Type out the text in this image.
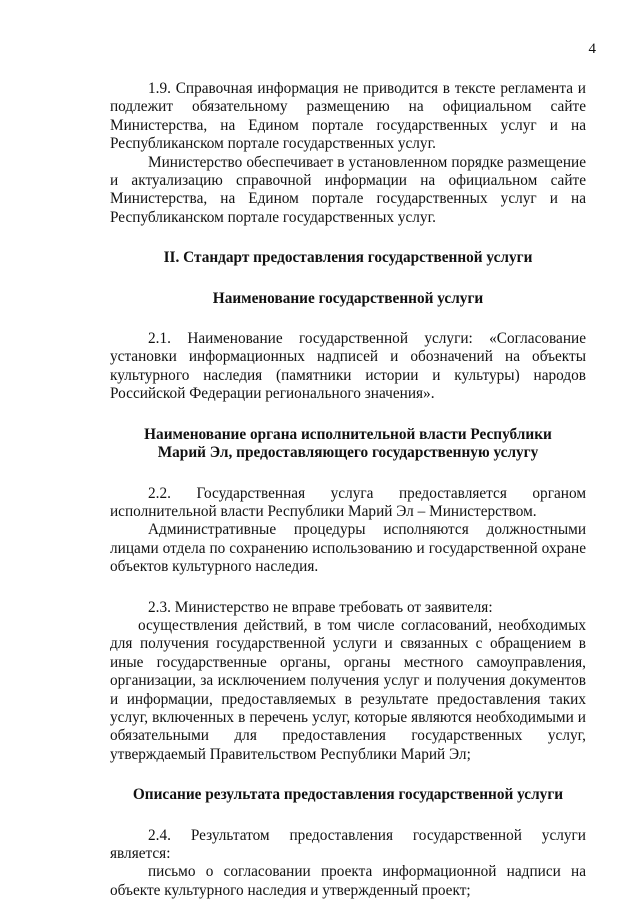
4

1.9. Справочная информация не приводится в тексте регламента и подлежит обязательному размещению на официальном сайте Министерства, на Едином портале государственных услуг и на Республиканском портале государственных услуг.

Министерство обеспечивает в установленном порядке размещение и актуализацию справочной информации на официальном сайте Министерства, на Едином портале государственных услуг и на Республиканском портале государственных услуг.

II. Стандарт предоставления государственной услуги
Наименование государственной услуги

2.1. Наименование государственной услуги: «Согласование установки информационных надписей и обозначений на объекты культурного наследия (памятники истории и культуры) народов Российской Федерации регионального значения».

Наименование органа исполнительной власти Республики
Марий Эл, предоставляющего государственную услугу

2.2. Государственная услуга предоставляется органом исполнительной власти Республики Марий Эл – Министерством.

Административные процедуры исполняются должностными лицами отдела по сохранению использованию и государственной охране объектов культурного наследия.

2.3. Министерство не вправе требовать от заявителя:

осуществления действий, в том числе согласований, необходимых для получения государственной услуги и связанных с обращением в иные государственные органы, органы местного самоуправления, организации, за исключением получения услуг и получения документов и информации, предоставляемых в результате предоставления таких услуг, включенных в перечень услуг, которые являются необходимыми и обязательными для предоставления государственных услуг, утверждаемый Правительством Республики Марий Эл;

Описание результата предоставления государственной услуги

2.4. Результатом предоставления государственной услуги является:

письмо о согласовании проекта информационной надписи на объекте культурного наследия и утвержденный проект;
